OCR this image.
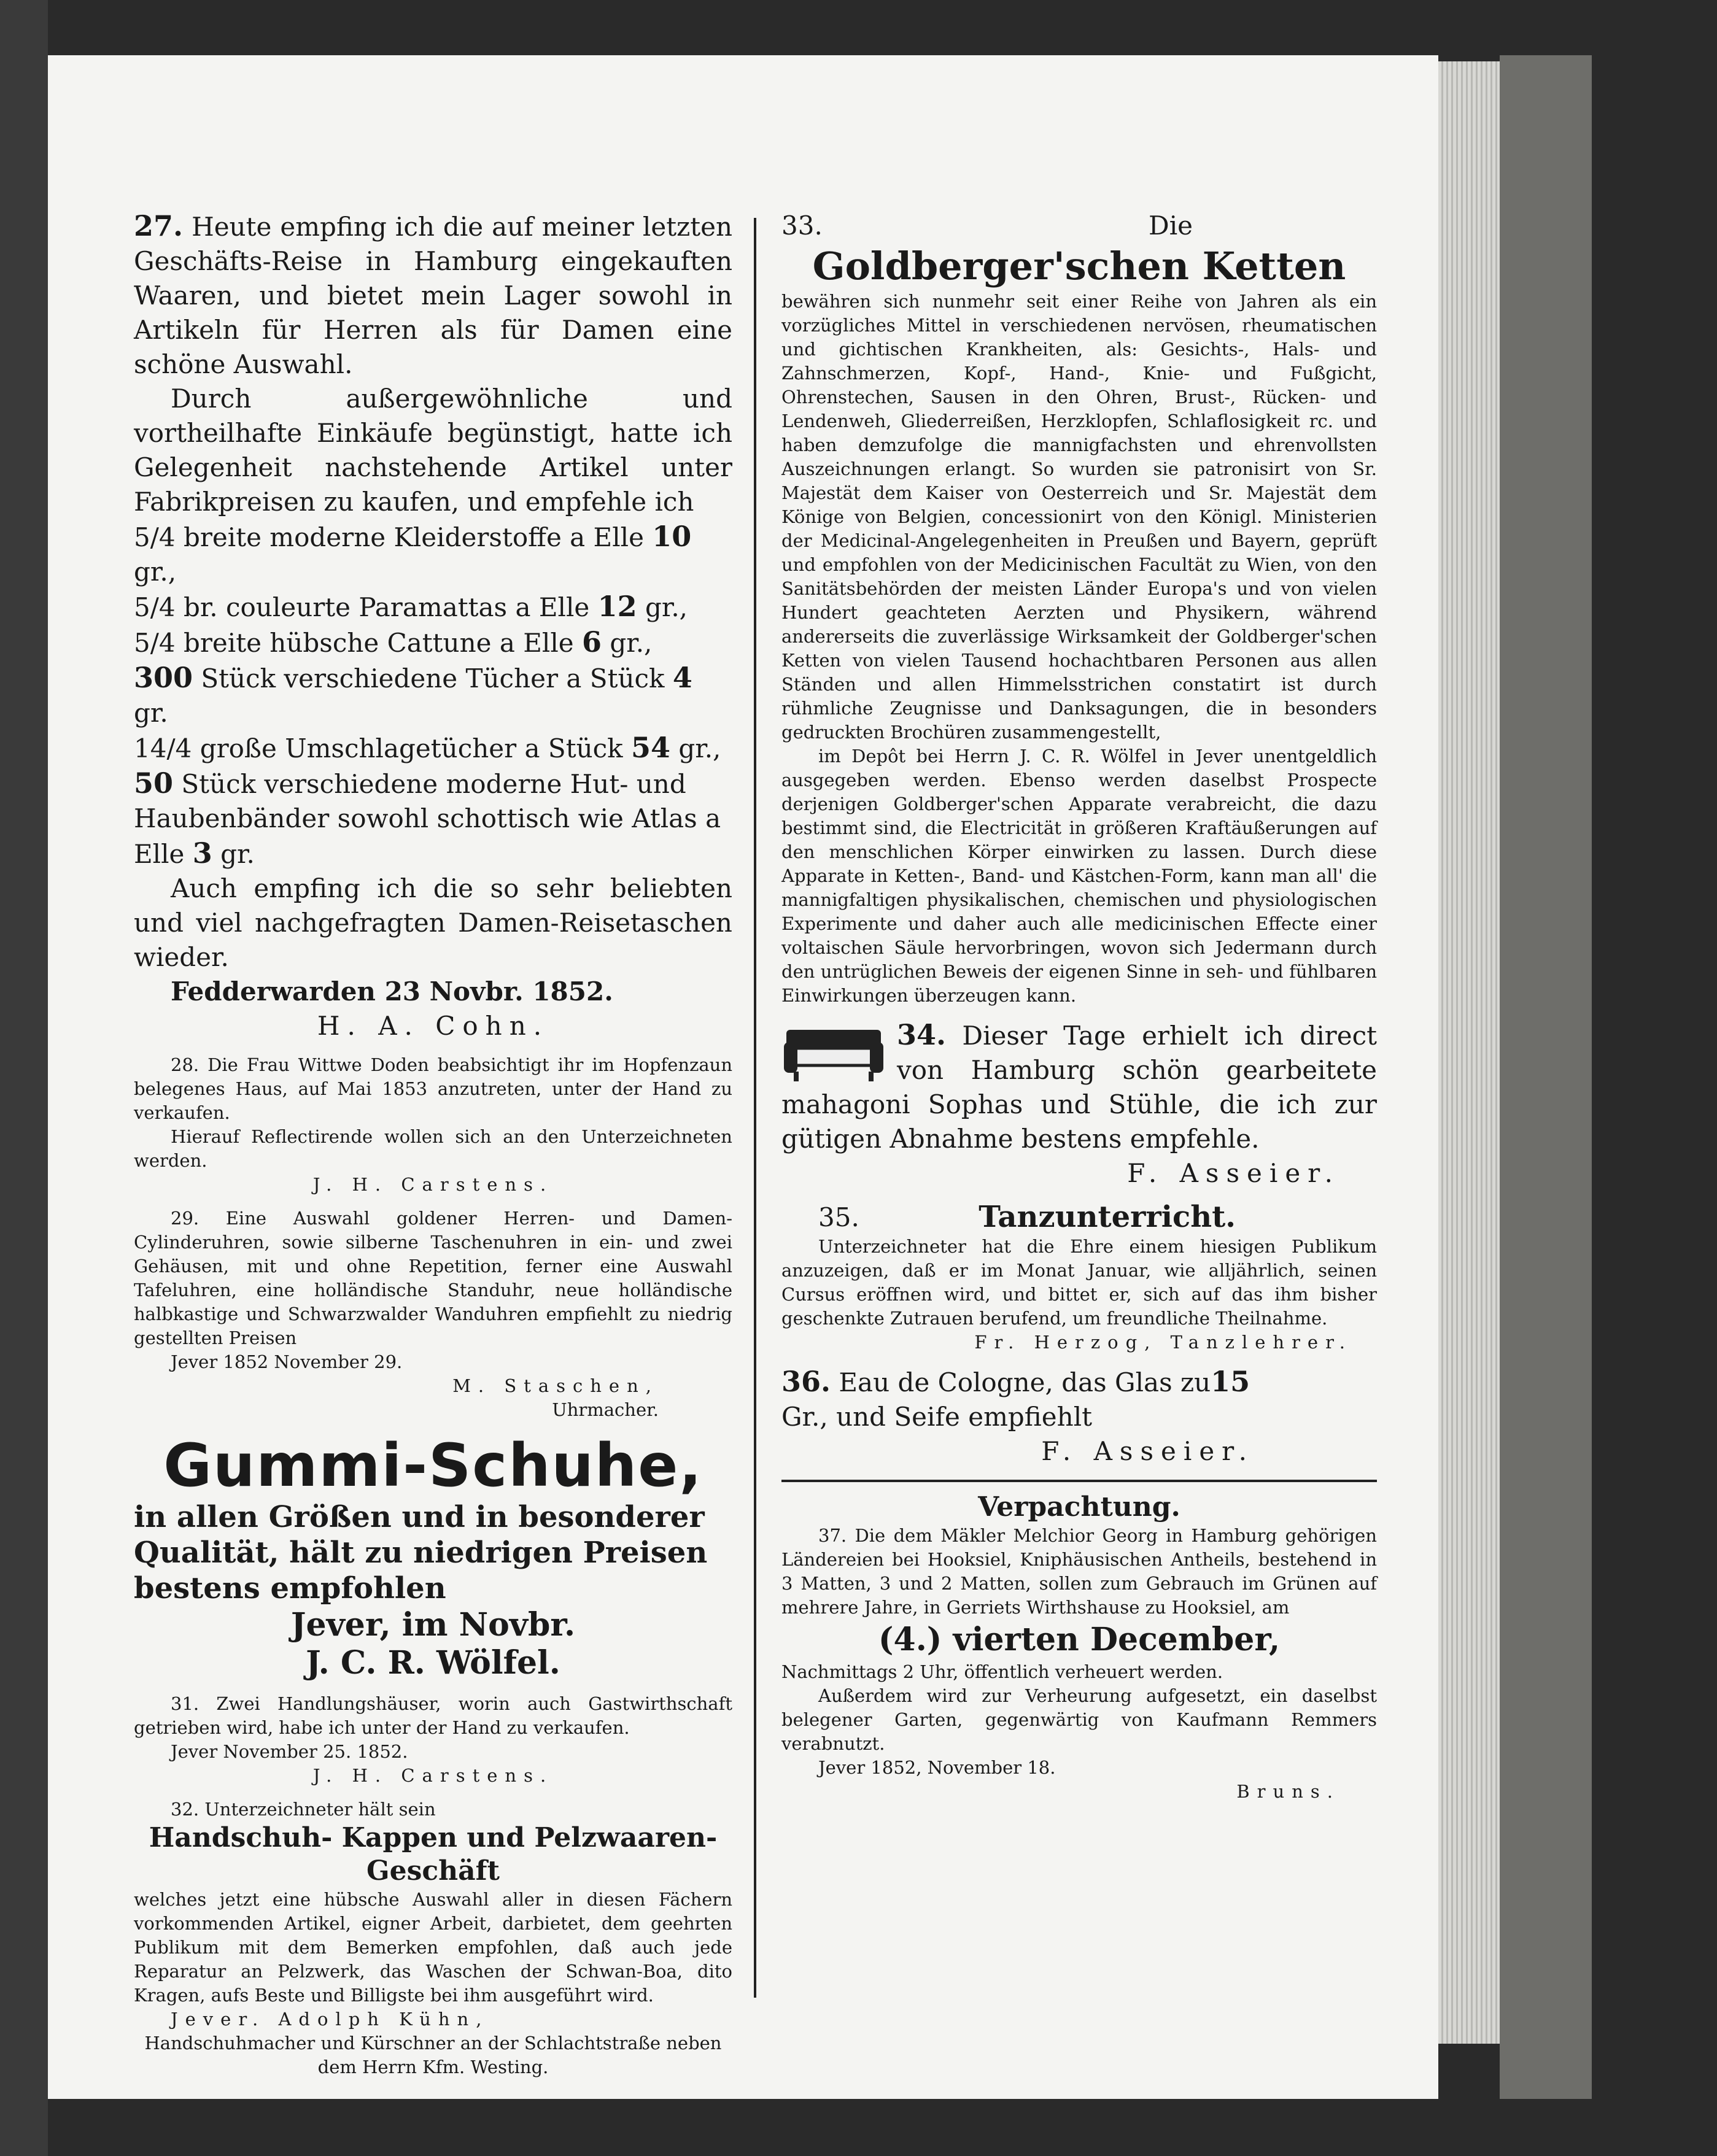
27. Heute empfing ich die auf meiner letzten Geschäfts-Reise in Hamburg eingekauften Waaren, und bietet mein Lager sowohl in Artikeln für Herren als für Damen eine schöne Auswahl.

Durch außergewöhnliche und vortheilhafte Einkäufe begünstigt, hatte ich Gelegenheit nachstehende Artikel unter Fabrikpreisen zu kaufen, und empfehle ich

5/4 breite moderne Kleiderstoffe a Elle 10 gr.,
5/4 br. couleurte Paramattas a Elle 12 gr.,
5/4 breite hübsche Cattune a Elle 6 gr.,
300 Stück verschiedene Tücher a Stück 4 gr.
14/4 große Umschlagetücher a Stück 54 gr.,
50 Stück verschiedene moderne Hut- und Haubenbänder sowohl schottisch wie Atlas a Elle 3 gr.

Auch empfing ich die so sehr beliebten und viel nachgefragten Damen-Reisetaschen wieder.

Fedderwarden 23 Novbr. 1852.

H. A. Cohn.

28. Die Frau Wittwe Doden beabsichtigt ihr im Hopfenzaun belegenes Haus, auf Mai 1853 anzutreten, unter der Hand zu verkaufen.

Hierauf Reflectirende wollen sich an den Unterzeichneten werden.

J. H. Carstens.

29. Eine Auswahl goldener Herren- und Damen-Cylinderuhren, sowie silberne Taschenuhren in ein- und zwei Gehäusen, mit und ohne Repetition, ferner eine Auswahl Tafeluhren, eine holländische Standuhr, neue holländische halbkastige und Schwarzwalder Wanduhren empfiehlt zu niedrig gestellten Preisen

Jever 1852 November 29.

M. Staschen,

Uhrmacher.

Gummi-Schuhe,

in allen Größen und in besonderer Qualität, hält zu niedrigen Preisen bestens empfohlen

Jever, im Novbr.

J. C. R. Wölfel.

31. Zwei Handlungshäuser, worin auch Gastwirthschaft getrieben wird, habe ich unter der Hand zu verkaufen.

Jever November 25. 1852.

J. H. Carstens.

32. Unterzeichneter hält sein

Handschuh- Kappen und Pelzwaaren-Geschäft

welches jetzt eine hübsche Auswahl aller in diesen Fächern vorkommenden Artikel, eigner Arbeit, darbietet, dem geehrten Publikum mit dem Bemerken empfohlen, daß auch jede Reparatur an Pelzwerk, das Waschen der Schwan-Boa, dito Kragen, aufs Beste und Billigste bei ihm ausgeführt wird.

Jever. Adolph Kühn,

Handschuhmacher und Kürschner an der Schlachtstraße neben dem Herrn Kfm. Westing.

33.	Die
Goldberger'schen Ketten

bewähren sich nunmehr seit einer Reihe von Jahren als ein vorzügliches Mittel in verschiedenen nervösen, rheumatischen und gichtischen Krankheiten, als: Gesichts-, Hals- und Zahnschmerzen, Kopf-, Hand-, Knie- und Fußgicht, Ohrenstechen, Sausen in den Ohren, Brust-, Rücken- und Lendenweh, Gliederreißen, Herzklopfen, Schlaflosigkeit rc. und haben demzufolge die mannigfachsten und ehrenvollsten Auszeichnungen erlangt. So wurden sie patronisirt von Sr. Majestät dem Kaiser von Oesterreich und Sr. Majestät dem Könige von Belgien, concessionirt von den Königl. Ministerien der Medicinal-Angelegenheiten in Preußen und Bayern, geprüft und empfohlen von der Medicinischen Facultät zu Wien, von den Sanitätsbehörden der meisten Länder Europa's und von vielen Hundert geachteten Aerzten und Physikern, während andererseits die zuverlässige Wirksamkeit der Goldberger'schen Ketten von vielen Tausend hochachtbaren Personen aus allen Ständen und allen Himmelsstrichen constatirt ist durch rühmliche Zeugnisse und Danksagungen, die in besonders gedruckten Brochüren zusammengestellt,

im Depôt bei Herrn J. C. R. Wölfel in Jever unentgeldlich ausgegeben werden. Ebenso werden daselbst Prospecte derjenigen Goldberger'schen Apparate verabreicht, die dazu bestimmt sind, die Electricität in größeren Kraftäußerungen auf den menschlichen Körper einwirken zu lassen. Durch diese Apparate in Ketten-, Band- und Kästchen-Form, kann man all' die mannigfaltigen physikalischen, chemischen und physiologischen Experimente und daher auch alle medicinischen Effecte einer voltaischen Säule hervorbringen, wovon sich Jedermann durch den untrüglichen Beweis der eigenen Sinne in seh- und fühlbaren Einwirkungen überzeugen kann.

34. Dieser Tage erhielt ich direct von Hamburg schön gearbeitete mahagoni Sophas und Stühle, die ich zur gütigen Abnahme bestens empfehle.

F. Asseier.

35.	Tanzunterricht.

Unterzeichneter hat die Ehre einem hiesigen Publikum anzuzeigen, daß er im Monat Januar, wie alljährlich, seinen Cursus eröffnen wird, und bittet er, sich auf das ihm bisher geschenkte Zutrauen berufend, um freundliche Theilnahme.

Fr. Herzog, Tanzlehrer.

36. Eau de Cologne, das Glas zu15

Gr., und Seife empfiehlt

F. Asseier.

Verpachtung.

37. Die dem Mäkler Melchior Georg in Hamburg gehörigen Ländereien bei Hooksiel, Kniphäusischen Antheils, bestehend in 3 Matten, 3 und 2 Matten, sollen zum Gebrauch im Grünen auf mehrere Jahre, in Gerriets Wirthshause zu Hooksiel, am

(4.) vierten December,

Nachmittags 2 Uhr, öffentlich verheuert werden.

Außerdem wird zur Verheurung aufgesetzt, ein daselbst belegener Garten, gegenwärtig von Kaufmann Remmers verabnutzt.

Jever 1852, November 18.

Bruns.
